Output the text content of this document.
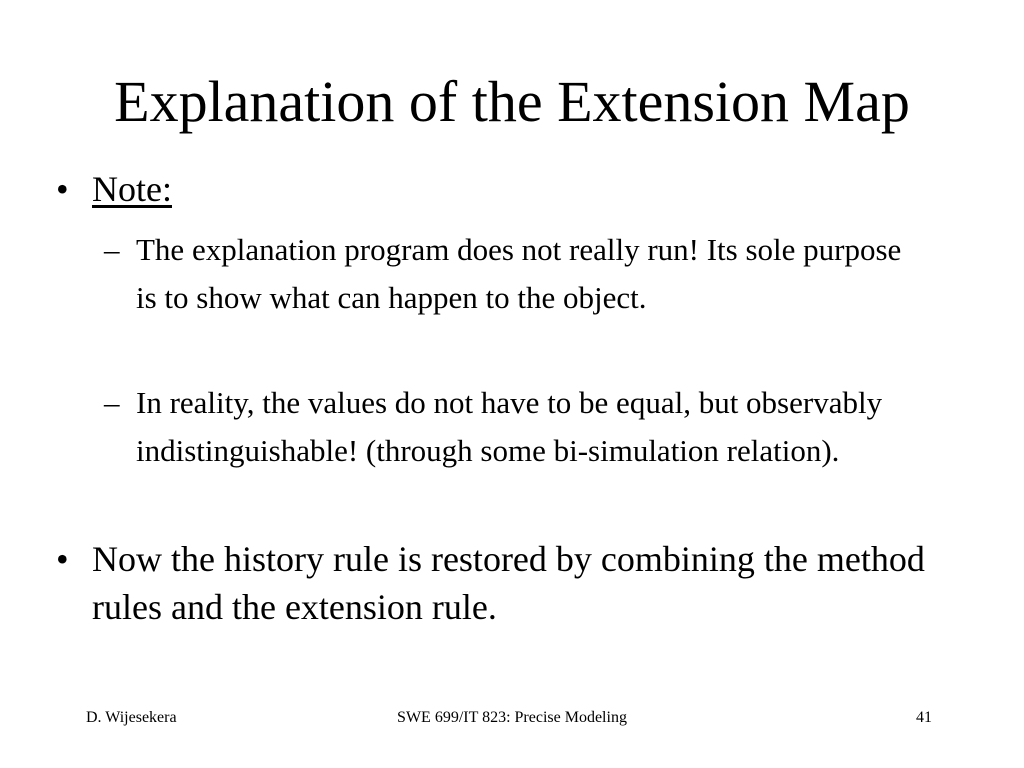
Explanation of the Extension Map
• Note:
– The explanation program does not really run! Its sole purpose is to show what can happen to the object.
– In reality, the values do not have to be equal, but observably indistinguishable! (through some bi-simulation relation).
• Now the history rule is restored by combining the method rules and the extension rule.
D. Wijesekera	SWE 699/IT 823: Precise Modeling	41
